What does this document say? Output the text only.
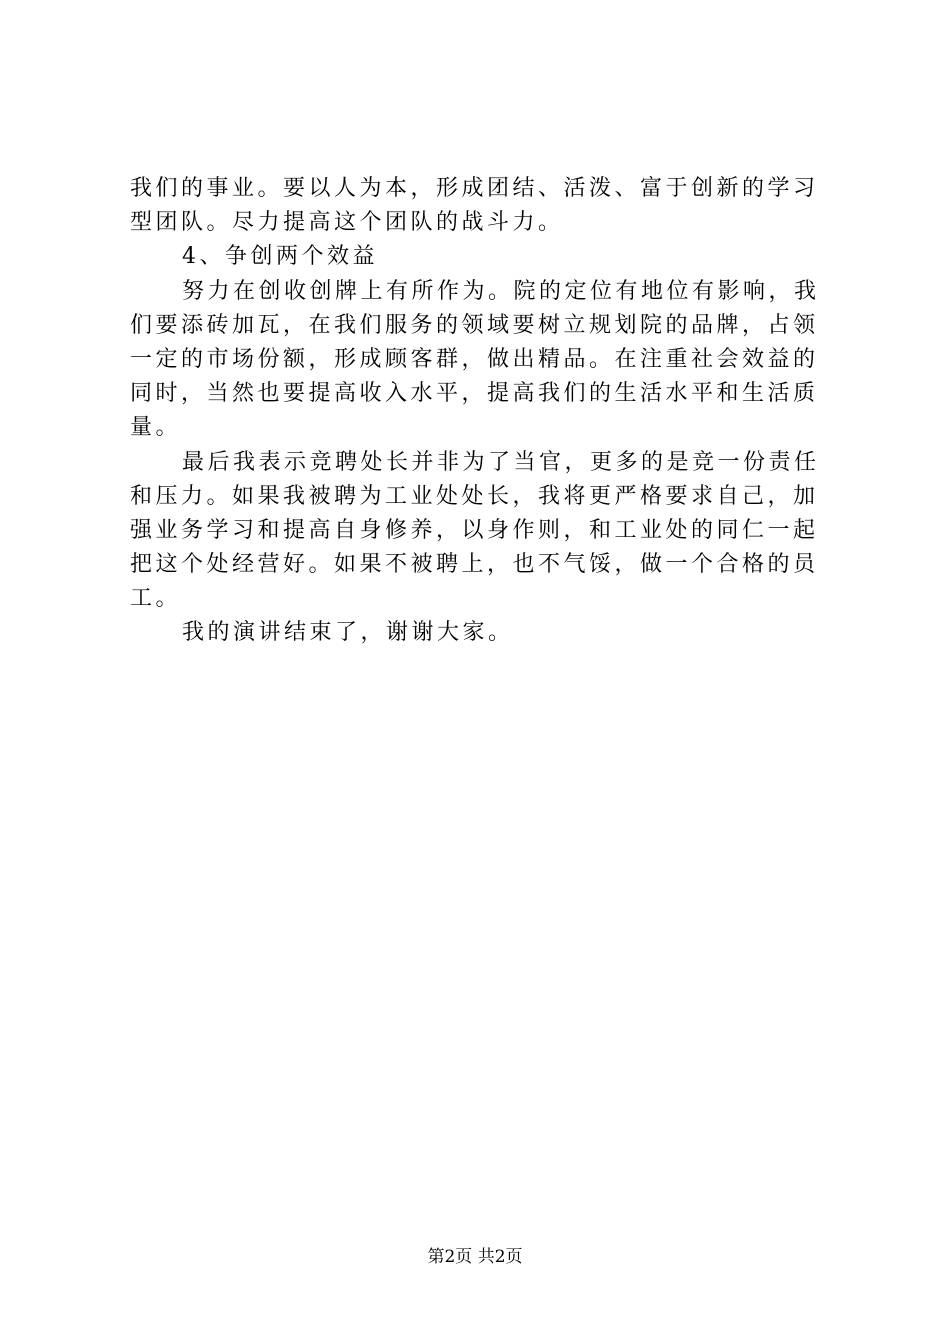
我们的事业。要以人为本，形成团结、活泼、富于创新的学习
型团队。尽力提高这个团队的战斗力。
4、争创两个效益
努力在创收创牌上有所作为。院的定位有地位有影响，我
们要添砖加瓦，在我们服务的领域要树立规划院的品牌，占领
一定的市场份额，形成顾客群，做出精品。在注重社会效益的
同时，当然也要提高收入水平，提高我们的生活水平和生活质
量。
最后我表示竞聘处长并非为了当官，更多的是竞一份责任
和压力。如果我被聘为工业处处长，我将更严格要求自己，加
强业务学习和提高自身修养，以身作则，和工业处的同仁一起
把这个处经营好。如果不被聘上，也不气馁，做一个合格的员
工。
我的演讲结束了，谢谢大家。
第2页 共2页
